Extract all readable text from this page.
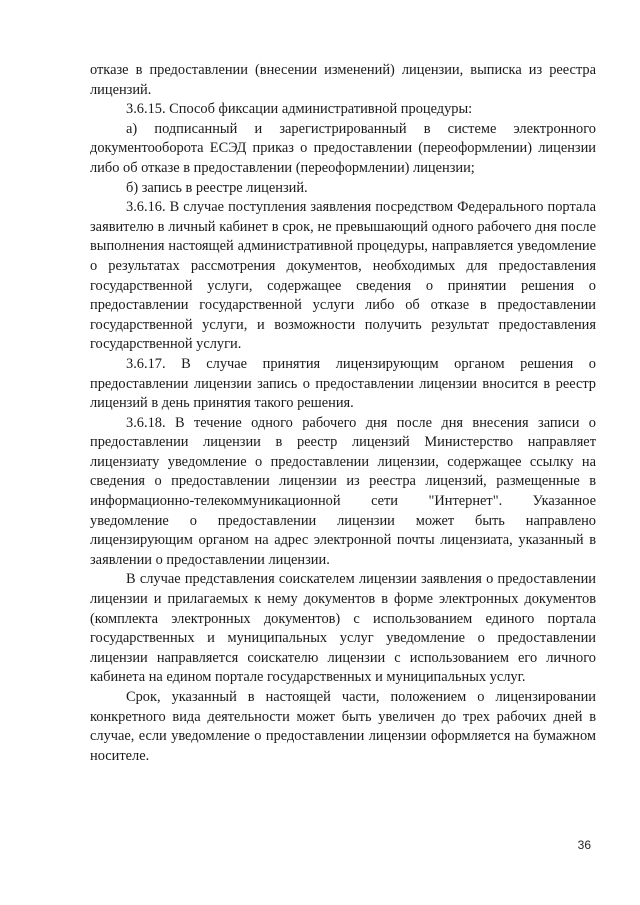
отказе в предоставлении (внесении изменений) лицензии, выписка из реестра лицензий.

3.6.15. Способ фиксации административной процедуры:

а) подписанный и зарегистрированный в системе электронного документооборота ЕСЭД приказ о предоставлении (переоформлении) лицензии либо об отказе в предоставлении (переоформлении) лицензии;

б) запись в реестре лицензий.

3.6.16. В случае поступления заявления посредством Федерального портала заявителю в личный кабинет в срок, не превышающий одного рабочего дня после выполнения настоящей административной процедуры, направляется уведомление о результатах рассмотрения документов, необходимых для предоставления государственной услуги, содержащее сведения о принятии решения о предоставлении государственной услуги либо об отказе в предоставлении государственной услуги, и возможности получить результат предоставления государственной услуги.

3.6.17. В случае принятия лицензирующим органом решения о предоставлении лицензии запись о предоставлении лицензии вносится в реестр лицензий в день принятия такого решения.

3.6.18. В течение одного рабочего дня после дня внесения записи о предоставлении лицензии в реестр лицензий Министерство направляет лицензиату уведомление о предоставлении лицензии, содержащее ссылку на сведения о предоставлении лицензии из реестра лицензий, размещенные в информационно-телекоммуникационной сети "Интернет". Указанное уведомление о предоставлении лицензии может быть направлено лицензирующим органом на адрес электронной почты лицензиата, указанный в заявлении о предоставлении лицензии.

В случае представления соискателем лицензии заявления о предоставлении лицензии и прилагаемых к нему документов в форме электронных документов (комплекта электронных документов) с использованием единого портала государственных и муниципальных услуг уведомление о предоставлении лицензии направляется соискателю лицензии с использованием его личного кабинета на едином портале государственных и муниципальных услуг.

Срок, указанный в настоящей части, положением о лицензировании конкретного вида деятельности может быть увеличен до трех рабочих дней в случае, если уведомление о предоставлении лицензии оформляется на бумажном носителе.

36
